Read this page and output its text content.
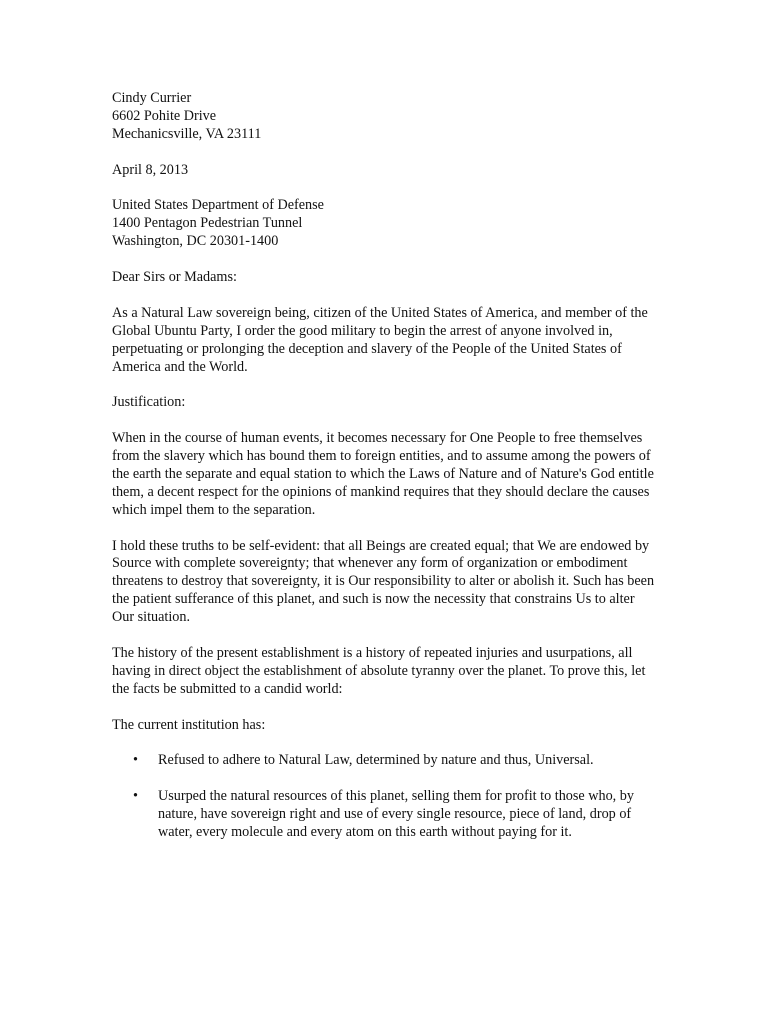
Cindy Currier
6602 Pohite Drive
Mechanicsville, VA 23111
April 8, 2013
United States Department of Defense
1400 Pentagon Pedestrian Tunnel
Washington, DC 20301-1400

Dear Sirs or Madams:

As a Natural Law sovereign being, citizen of the United States of America, and member of the Global Ubuntu Party, I order the good military to begin the arrest of anyone involved in, perpetuating or prolonging the deception and slavery of the People of the United States of America and the World.

Justification:

When in the course of human events, it becomes necessary for One People to free themselves from the slavery which has bound them to foreign entities, and to assume among the powers of the earth the separate and equal station to which the Laws of Nature and of Nature's God entitle them, a decent respect for the opinions of mankind requires that they should declare the causes which impel them to the separation.

I hold these truths to be self-evident: that all Beings are created equal; that We are endowed by Source with complete sovereignty; that whenever any form of organization or embodiment threatens to destroy that sovereignty, it is Our responsibility to alter or abolish it. Such has been the patient sufferance of this planet, and such is now the necessity that constrains Us to alter Our situation.

The history of the present establishment is a history of repeated injuries and usurpations, all having in direct object the establishment of absolute tyranny over the planet. To prove this, let the facts be submitted to a candid world:

The current institution has:

• Refused to adhere to Natural Law, determined by nature and thus, Universal.
• Usurped the natural resources of this planet, selling them for profit to those who, by nature, have sovereign right and use of every single resource, piece of land, drop of water, every molecule and every atom on this earth without paying for it.
